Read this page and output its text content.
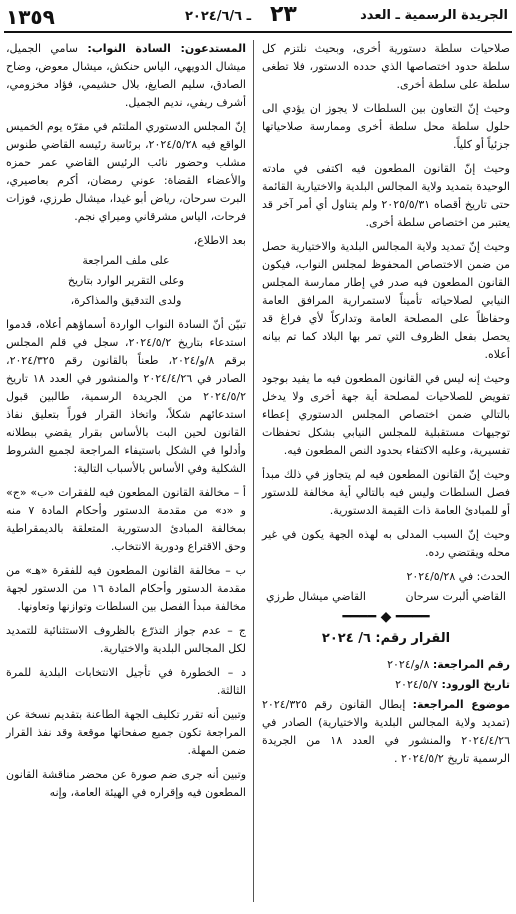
الجريدة الرسمية ـ العدد
٢٣
ـ ٢٠٢٤/٦/٦
١٣٥٩

صلاحيات سلطة دستورية أخرى، وبحيث نلتزم كل سلطة حدود اختصاصها الذي حدده الدستور، فلا تطغى سلطة على سلطة أخرى.

وحيث إنّ التعاون بين السلطات لا يجوز ان يؤدي الى حلول سلطة محل سلطة أخرى وممارسة صلاحياتها جزئياً أو كلياً.

وحيث إنّ القانون المطعون فيه اكتفى في مادته الوحيدة بتمديد ولاية المجالس البلدية والاختيارية القائمة حتى تاريخ أقصاه ٢٠٢٥/٥/٣١ ولم يتناول أي أمر آخر قد يعتبر من اختصاص سلطة أخرى.

وحيث إنّ تمديد ولاية المجالس البلدية والاختيارية حصل من ضمن الاختصاص المحفوظ لمجلس النواب، فيكون القانون المطعون فيه صدر في إطار ممارسة المجلس النيابي لصلاحياته تأميناً لاستمرارية المرافق العامة وحفاظاً على المصلحة العامة وتداركاً لأي فراغ قد يحصل بفعل الظروف التي تمر بها البلاد كما تم بيانه أعلاه.

وحيث إنه ليس في القانون المطعون فيه ما يفيد بوجود تفويض للصلاحيات لمصلحة أية جهة أخرى ولا يدخل بالتالي ضمن اختصاص المجلس الدستوري إعطاء توجيهات مستقبلية للمجلس النيابي بشكل تحفظات تفسيرية، وعليه الاكتفاء بحدود النص المطعون فيه.

وحيث إنّ القانون المطعون فيه لم يتجاوز في ذلك مبدأ فصل السلطات وليس فيه بالتالي أية مخالفة للدستور أو للمبادئ العامة ذات القيمة الدستورية.

وحيث إنّ السبب المدلى به لهذه الجهة يكون في غير محله ويقتضي رده.

الحدث: في ٢٠٢٤/٥/٢٨

القاضي ألبرت سرحان
القاضي ميشال طرزي
━━━━ ◆ ━━━━
القرار رقم: ٦/ ٢٠٢٤

رقم المراجعة: ٨/و/٢٠٢٤

تاريخ الورود: ٢٠٢٤/٥/٧

موضوع المراجعة: إبطال القانون رقم ٢٠٢٤/٣٢٥ (تمديد ولاية المجالس البلدية والاختيارية) الصادر في ٢٠٢٤/٤/٢٦ والمنشور في العدد ١٨ من الجريدة الرسمية تاريخ ٢٠٢٤/٥/٢ .

المستدعون: السادة النواب: سامي الجميل، ميشال الدويهي، الياس حنكش، ميشال معوض، وضاح الصادق، سليم الصايغ، بلال حشيمي، فؤاد مخزومي، أشرف ريفي، نديم الجميل.

إنّ المجلس الدستوري الملتئم في مقرّه يوم الخميس الواقع فيه ٢٠٢٤/٥/٢٨، برئاسة رئيسه القاضي طنوس مشلب وحضور نائب الرئيس القاضي عمر حمزه والأعضاء القضاة: عوني رمضان، أكرم بعاصيري، البرت سرحان، رياض أبو غيدا، ميشال طرزي، فوزات فرحات، الياس مشرقاني وميراي نجم.

بعد الاطلاع،

على ملف المراجعة

وعلى التقرير الوارد بتاريخ

ولدى التدقيق والمذاكرة،

تبيّن أنّ السادة النواب الواردة أسماؤهم أعلاه، قدموا استدعاء بتاريخ ٢٠٢٤/٥/٢، سجل في قلم المجلس برقم ٨/و/٢٠٢٤، طعناً بالقانون رقم ٢٠٢٤/٣٢٥، الصادر في ٢٠٢٤/٤/٢٦ والمنشور في العدد ١٨ تاريخ ٢٠٢٤/٥/٢ من الجريدة الرسمية، طالبين قبول استدعائهم شكلاً، واتخاذ القرار فوراً بتعليق نفاذ القانون لحين البت بالأساس بقرار يقضي ببطلانه وأدلوا في الشكل باستيفاء المراجعة لجميع الشروط الشكلية وفي الأساس بالأسباب التالية:

أ – مخالفة القانون المطعون فيه للفقرات «ب» «ج» و «د» من مقدمة الدستور وأحكام المادة ٧ منه بمخالفة المبادئ الدستورية المتعلقة بالديمقراطية وحق الاقتراع ودورية الانتخاب.

ب – مخالفة القانون المطعون فيه للفقرة «هـ» من مقدمة الدستور وأحكام المادة ١٦ من الدستور لجهة مخالفة مبدأ الفصل بين السلطات وتوازنها وتعاونها.

ج – عدم جواز التذرّع بالظروف الاستثنائية للتمديد لكل المجالس البلدية والاختيارية.

د – الخطورة في تأجيل الانتخابات البلدية للمرة الثالثة.

وتبين أنه تقرر تكليف الجهة الطاعنة بتقديم نسخة عن المراجعة تكون جميع صفحاتها موقعة وقد نفذ القرار ضمن المهلة.

وتبين أنه جرى ضم صورة عن محضر مناقشة القانون المطعون فيه وإقراره في الهيئة العامة، وإنه
